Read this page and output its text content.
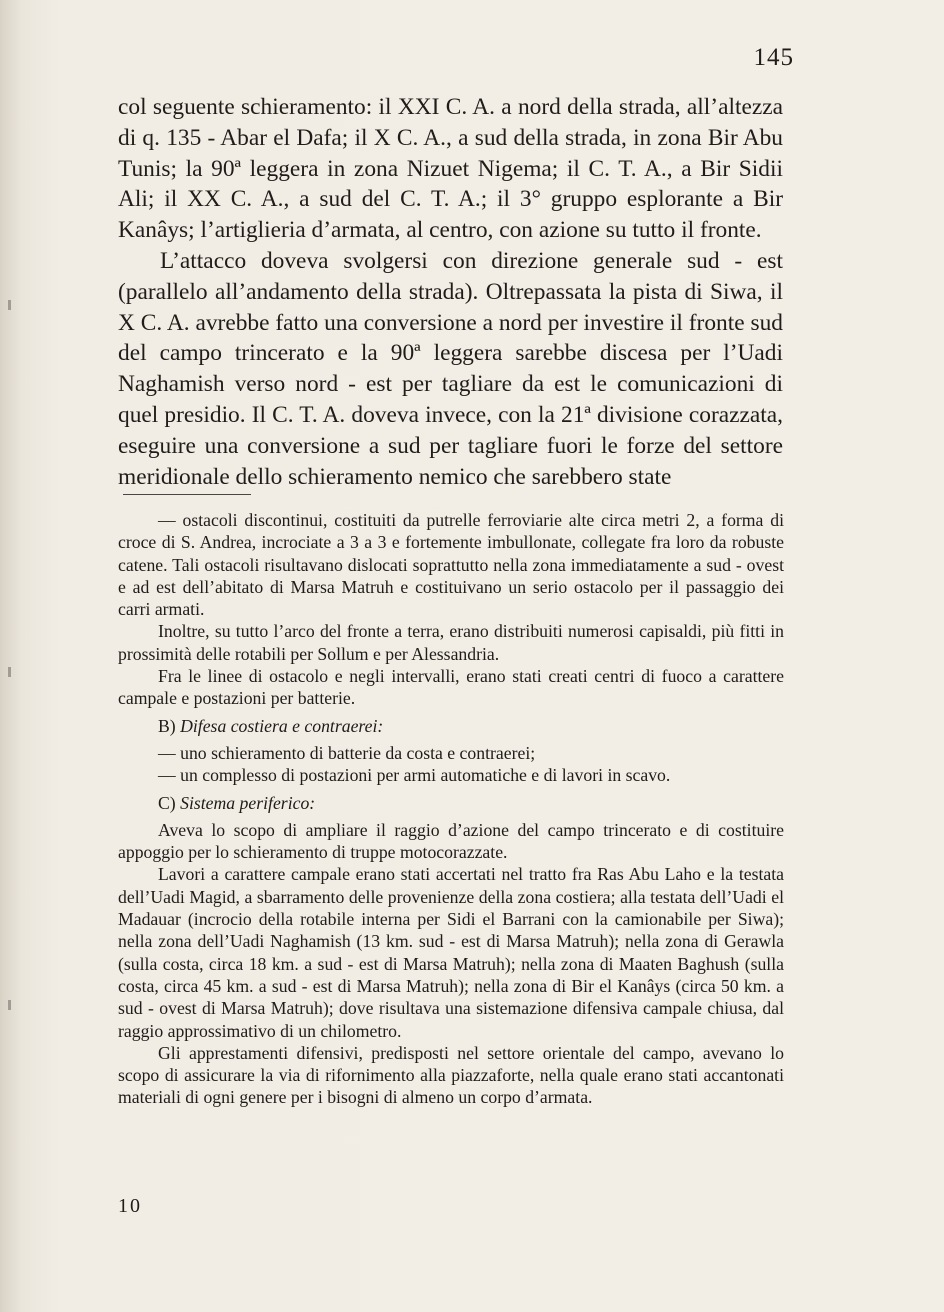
145

col seguente schieramento: il XXI C. A. a nord della strada, all’altezza di q. 135 - Abar el Dafa; il X C. A., a sud della strada, in zona Bir Abu Tunis; la 90ª leggera in zona Nizuet Nigema; il C. T. A., a Bir Sidii Ali; il XX C. A., a sud del C. T. A.; il 3° gruppo esplorante a Bir Kanâys; l’artiglieria d’armata, al centro, con azione su tutto il fronte.

L’attacco doveva svolgersi con direzione generale sud - est (parallelo all’andamento della strada). Oltrepassata la pista di Siwa, il X C. A. avrebbe fatto una conversione a nord per investire il fronte sud del campo trincerato e la 90ª leggera sarebbe discesa per l’Uadi Naghamish verso nord - est per tagliare da est le comunicazioni di quel presidio. Il C. T. A. doveva invece, con la 21ª divisione corazzata, eseguire una conversione a sud per tagliare fuori le forze del settore meridionale dello schieramento nemico che sarebbero state

— ostacoli discontinui, costituiti da putrelle ferroviarie alte circa metri 2, a forma di croce di S. Andrea, incrociate a 3 a 3 e fortemente imbullonate, collegate fra loro da robuste catene. Tali ostacoli risultavano dislocati soprattutto nella zona immediatamente a sud - ovest e ad est dell’abitato di Marsa Matruh e costituivano un serio ostacolo per il passaggio dei carri armati.

Inoltre, su tutto l’arco del fronte a terra, erano distribuiti numerosi capisaldi, più fitti in prossimità delle rotabili per Sollum e per Alessandria.

Fra le linee di ostacolo e negli intervalli, erano stati creati centri di fuoco a carattere campale e postazioni per batterie.

B) Difesa costiera e contraerei:

— uno schieramento di batterie da costa e contraerei;

— un complesso di postazioni per armi automatiche e di lavori in scavo.

C) Sistema periferico:

Aveva lo scopo di ampliare il raggio d’azione del campo trincerato e di costituire appoggio per lo schieramento di truppe motocorazzate.

Lavori a carattere campale erano stati accertati nel tratto fra Ras Abu Laho e la testata dell’Uadi Magid, a sbarramento delle provenienze della zona costiera; alla testata dell’Uadi el Madauar (incrocio della rotabile interna per Sidi el Barrani con la camionabile per Siwa); nella zona dell’Uadi Naghamish (13 km. sud - est di Marsa Matruh); nella zona di Gerawla (sulla costa, circa 18 km. a sud - est di Marsa Matruh); nella zona di Maaten Baghush (sulla costa, circa 45 km. a sud - est di Marsa Matruh); nella zona di Bir el Kanâys (circa 50 km. a sud - ovest di Marsa Matruh); dove risultava una sistemazione difensiva campale chiusa, dal raggio approssimativo di un chilometro.

Gli apprestamenti difensivi, predisposti nel settore orientale del campo, avevano lo scopo di assicurare la via di rifornimento alla piazzaforte, nella quale erano stati accantonati materiali di ogni genere per i bisogni di almeno un corpo d’armata.

10
